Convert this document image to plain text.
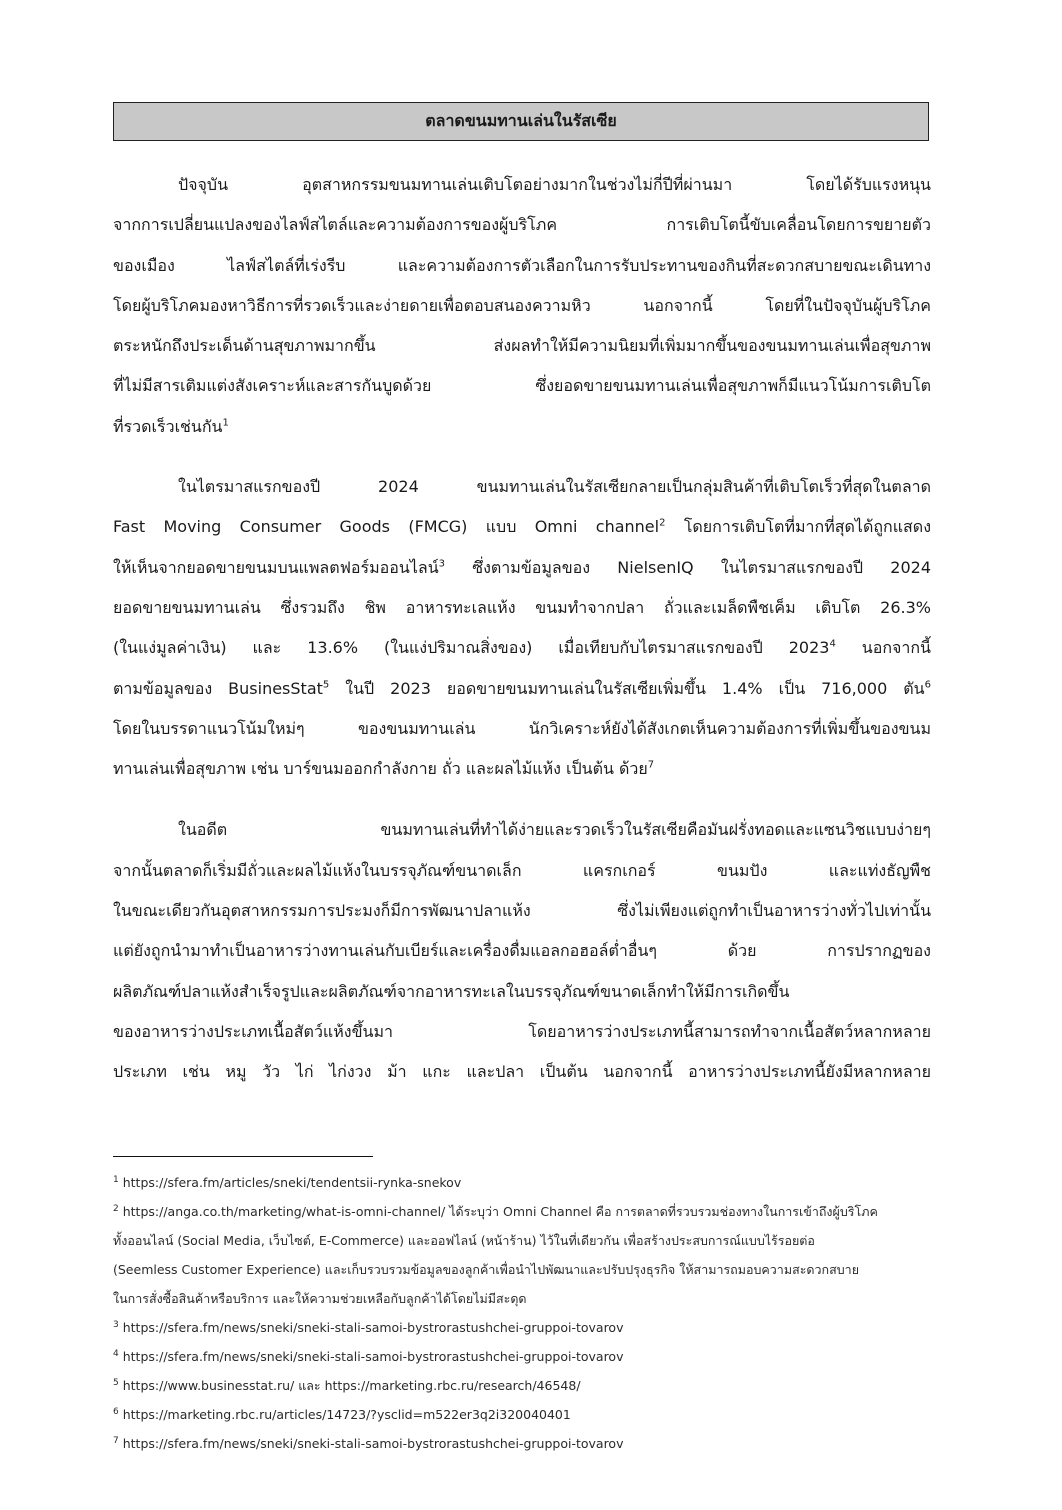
ตลาดขนมทานเล่นในรัสเซีย
ปัจจุบัน อุตสาหกรรมขนมทานเล่นเติบโตอย่างมากในช่วงไม่กี่ปีที่ผ่านมา โดยได้รับแรงหนุน
จากการเปลี่ยนแปลงของไลฟ์สไตล์และความต้องการของผู้บริโภค การเติบโตนี้ขับเคลื่อนโดยการขยายตัว
ของเมือง ไลฟ์สไตล์ที่เร่งรีบ และความต้องการตัวเลือกในการรับประทานของกินที่สะดวกสบายขณะเดินทาง
โดยผู้บริโภคมองหาวิธีการที่รวดเร็วและง่ายดายเพื่อตอบสนองความหิว นอกจากนี้ โดยที่ในปัจจุบันผู้บริโภค
ตระหนักถึงประเด็นด้านสุขภาพมากขึ้น ส่งผลทำให้มีความนิยมที่เพิ่มมากขึ้นของขนมทานเล่นเพื่อสุขภาพ
ที่ไม่มีสารเติมแต่งสังเคราะห์และสารกันบูดด้วย ซึ่งยอดขายขนมทานเล่นเพื่อสุขภาพก็มีแนวโน้มการเติบโต
ที่รวดเร็วเช่นกัน$^1$
ในไตรมาสแรกของปี 2024 ขนมทานเล่นในรัสเซียกลายเป็นกลุ่มสินค้าที่เติบโตเร็วที่สุดในตลาด
Fast Moving Consumer Goods (FMCG) แบบ Omni channel$^2$ โดยการเติบโตที่มากที่สุดได้ถูกแสดง
ให้เห็นจากยอดขายขนมบนแพลตฟอร์มออนไลน์$^3$ ซึ่งตามข้อมูลของ NielsenIQ ในไตรมาสแรกของปี 2024
ยอดขายขนมทานเล่น ซึ่งรวมถึง ชิพ อาหารทะเลแห้ง ขนมทำจากปลา ถั่วและเมล็ดพืชเค็ม เติบโต 26.3%
(ในแง่มูลค่าเงิน) และ 13.6% (ในแง่ปริมาณสิ่งของ) เมื่อเทียบกับไตรมาสแรกของปี 2023$^4$ นอกจากนี้
ตามข้อมูลของ BusinesStat$^5$ ในปี 2023 ยอดขายขนมทานเล่นในรัสเซียเพิ่มขึ้น 1.4% เป็น 716,000 ตัน$^6$
โดยในบรรดาแนวโน้มใหม่ๆ ของขนมทานเล่น นักวิเคราะห์ยังได้สังเกตเห็นความต้องการที่เพิ่มขึ้นของขนม
ทานเล่นเพื่อสุขภาพ เช่น บาร์ขนมออกกำลังกาย ถั่ว และผลไม้แห้ง เป็นต้น ด้วย$^7$
ในอดีต ขนมทานเล่นที่ทำได้ง่ายและรวดเร็วในรัสเซียคือมันฝรั่งทอดและแซนวิชแบบง่ายๆ
จากนั้นตลาดก็เริ่มมีถั่วและผลไม้แห้งในบรรจุภัณฑ์ขนาดเล็ก แครกเกอร์ ขนมปัง และแท่งธัญพืช
ในขณะเดียวกันอุตสาหกรรมการประมงก็มีการพัฒนาปลาแห้ง ซึ่งไม่เพียงแต่ถูกทำเป็นอาหารว่างทั่วไปเท่านั้น
แต่ยังถูกนำมาทำเป็นอาหารว่างทานเล่นกับเบียร์และเครื่องดื่มแอลกอฮอล์ต่ำอื่นๆ ด้วย การปรากฏของ
ผลิตภัณฑ์ปลาแห้งสำเร็จรูปและผลิตภัณฑ์จากอาหารทะเลในบรรจุภัณฑ์ขนาดเล็กทำให้มีการเกิดขึ้น
ของอาหารว่างประเภทเนื้อสัตว์แห้งขึ้นมา โดยอาหารว่างประเภทนี้สามารถทำจากเนื้อสัตว์หลากหลาย
ประเภท เช่น หมู วัว ไก่ ไก่งวง ม้า แกะ และปลา เป็นต้น นอกจากนี้ อาหารว่างประเภทนี้ยังมีหลากหลาย
$^1$ https://sfera.fm/articles/sneki/tendentsii-rynka-snekov
$^2$ https://anga.co.th/marketing/what-is-omni-channel/ ได้ระบุว่า Omni Channel คือ การตลาดที่รวบรวมช่องทางในการเข้าถึงผู้บริโภค
ทั้งออนไลน์ (Social Media, เว็บไซต์, E-Commerce) และออฟไลน์ (หน้าร้าน) ไว้ในที่เดียวกัน เพื่อสร้างประสบการณ์แบบไร้รอยต่อ
(Seemless Customer Experience) และเก็บรวบรวมข้อมูลของลูกค้าเพื่อนำไปพัฒนาและปรับปรุงธุรกิจ ให้สามารถมอบความสะดวกสบาย
ในการสั่งซื้อสินค้าหรือบริการ และให้ความช่วยเหลือกับลูกค้าได้โดยไม่มีสะดุด
$^3$ https://sfera.fm/news/sneki/sneki-stali-samoi-bystrorastushchei-gruppoi-tovarov
$^4$ https://sfera.fm/news/sneki/sneki-stali-samoi-bystrorastushchei-gruppoi-tovarov
$^5$ https://www.businesstat.ru/ และ https://marketing.rbc.ru/research/46548/
$^6$ https://marketing.rbc.ru/articles/14723/?ysclid=m522er3q2i320040401
$^7$ https://sfera.fm/news/sneki/sneki-stali-samoi-bystrorastushchei-gruppoi-tovarov
